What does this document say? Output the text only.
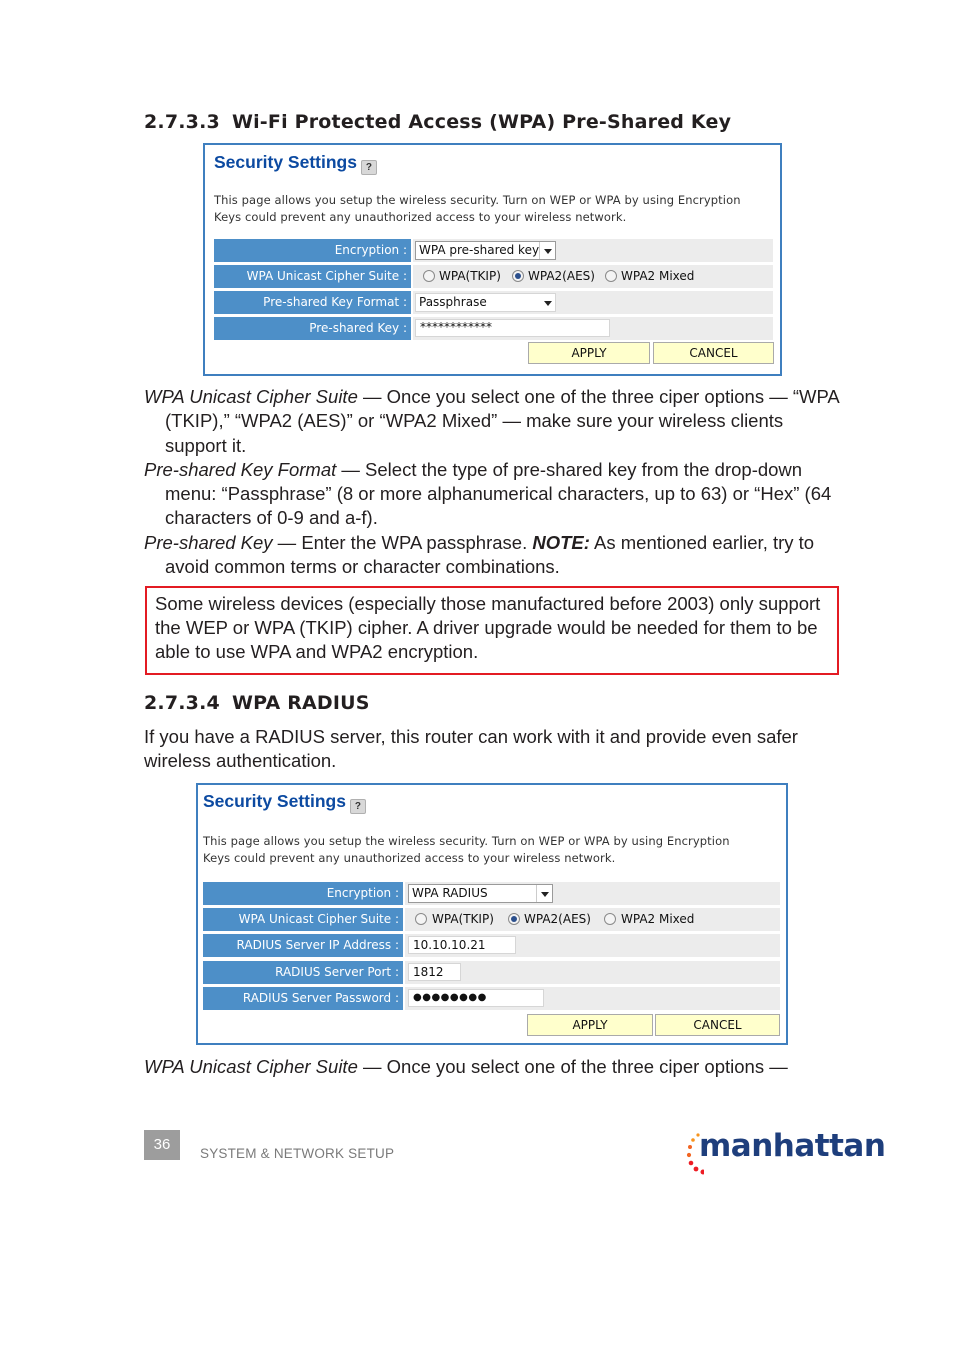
2.7.3.3 Wi-Fi Protected Access (WPA) Pre-Shared Key
Security Settings ?
This page allows you setup the wireless security. Turn on WEP or WPA by using Encryption
Keys could prevent any unauthorized access to your wireless network.
Encryption :	WPA pre-shared key
WPA Unicast Cipher Suite :	WPA(TKIP) WPA2(AES) WPA2 Mixed
Pre-shared Key Format :	Passphrase
Pre-shared Key :	************
APPLY	CANCEL
WPA Unicast Cipher Suite — Once you select one of the three ciper options — “WPA (TKIP),” “WPA2 (AES)” or “WPA2 Mixed” — make sure your wireless clients support it.
Pre-shared Key Format — Select the type of pre-shared key from the drop-down menu: “Passphrase” (8 or more alphanumerical characters, up to 63) or “Hex” (64 characters of 0-9 and a-f).
Pre-shared Key — Enter the WPA passphrase. NOTE: As mentioned earlier, try to avoid common terms or character combinations.
Some wireless devices (especially those manufactured before 2003) only support the WEP or WPA (TKIP) cipher. A driver upgrade would be needed for them to be able to use WPA and WPA2 encryption.
2.7.3.4 WPA RADIUS
If you have a RADIUS server, this router can work with it and provide even safer wireless authentication.
Security Settings ?
This page allows you setup the wireless security. Turn on WEP or WPA by using Encryption
Keys could prevent any unauthorized access to your wireless network.
Encryption :	WPA RADIUS
WPA Unicast Cipher Suite :	WPA(TKIP)	WPA2(AES)	WPA2 Mixed
RADIUS Server IP Address :	10.10.10.21
RADIUS Server Port :	1812
RADIUS Server Password :	●●●●●●●●
APPLY	CANCEL
WPA Unicast Cipher Suite — Once you select one of the three ciper options —
36
SYSTEM & NETWORK SETUP	manhattan
